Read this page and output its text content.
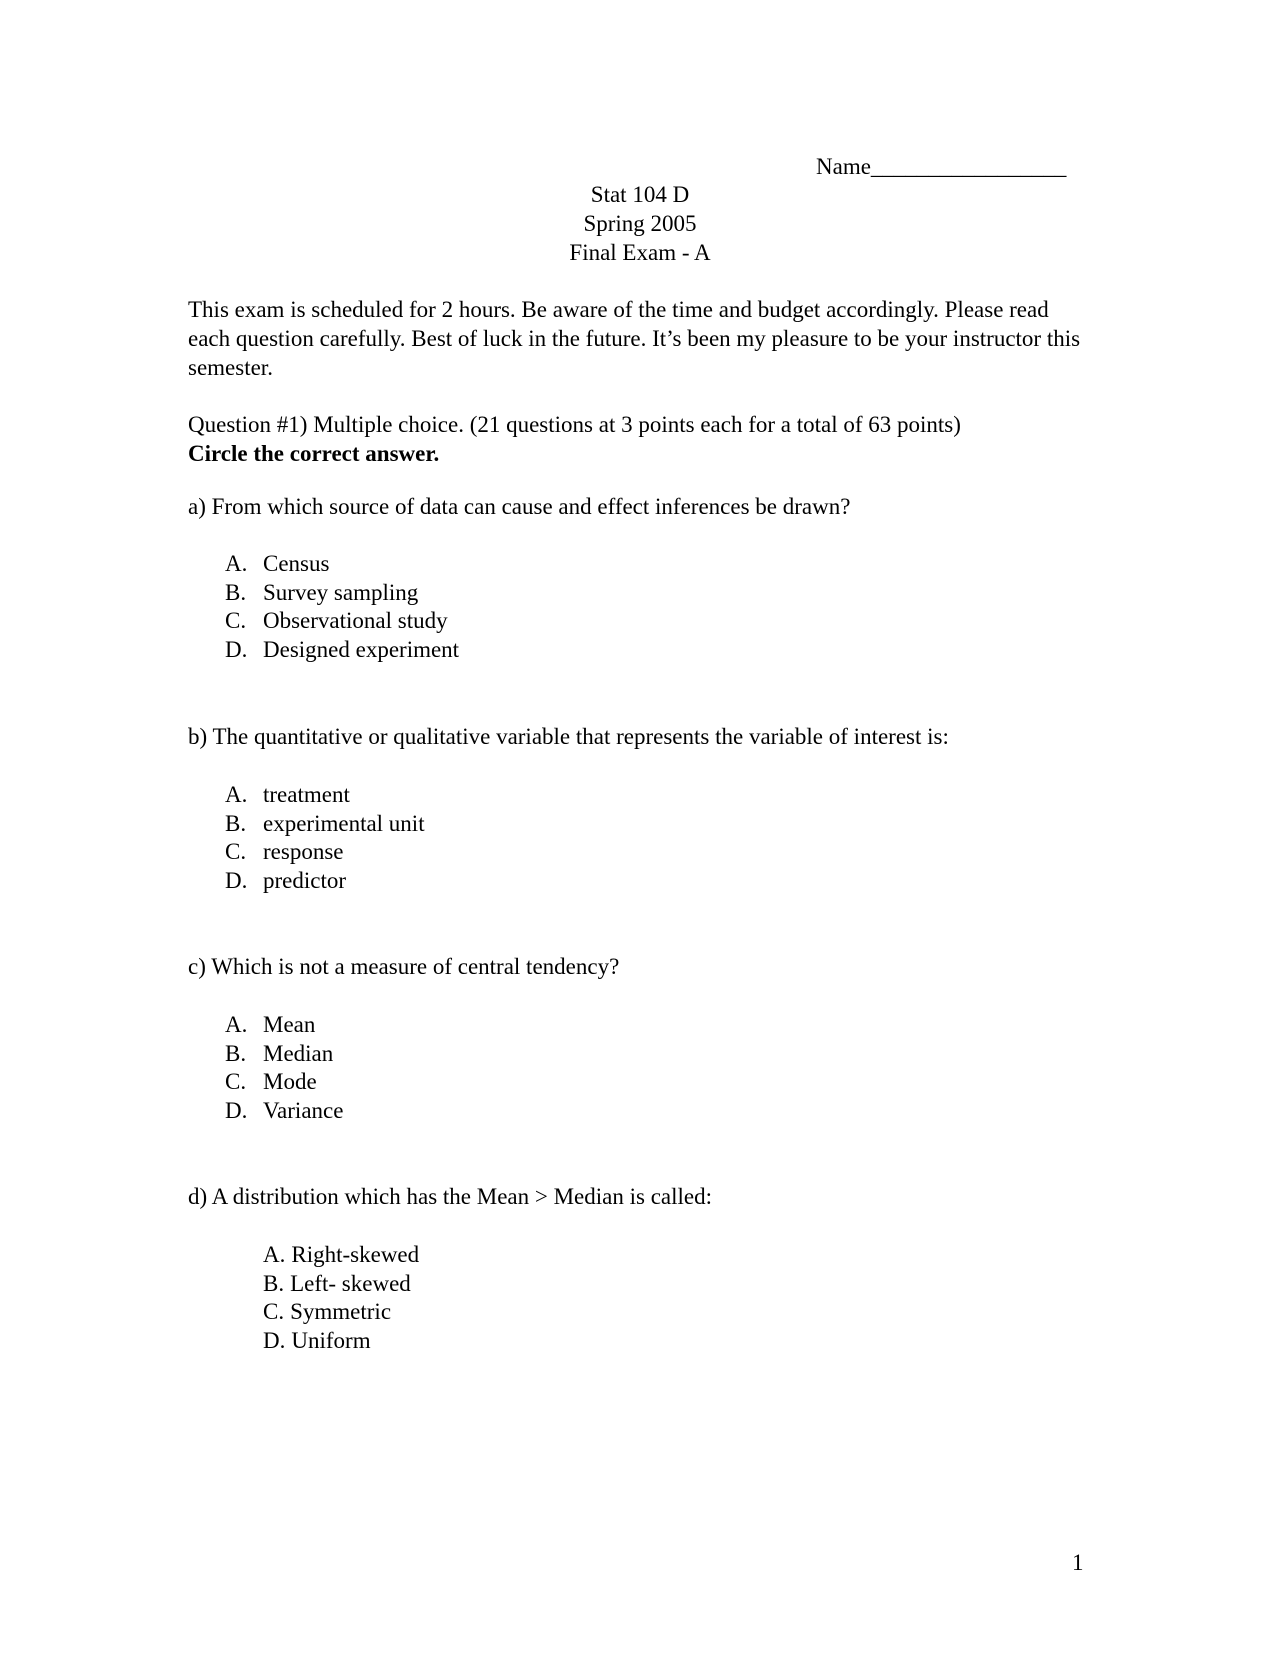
Name_________________
Stat 104 D
Spring 2005
Final Exam - A
This exam is scheduled for 2 hours. Be aware of the time and budget accordingly. Please read each question carefully. Best of luck in the future. It’s been my pleasure to be your instructor this semester.
Question #1) Multiple choice. (21 questions at 3 points each for a total of 63 points)
Circle the correct answer.
a) From which source of data can cause and effect inferences be drawn?
A. Census
B. Survey sampling
C. Observational study
D. Designed experiment
b) The quantitative or qualitative variable that represents the variable of interest is:
A. treatment
B. experimental unit
C. response
D. predictor
c) Which is not a measure of central tendency?
A. Mean
B. Median
C. Mode
D. Variance
d) A distribution which has the Mean > Median is called:
A. Right-skewed
B. Left- skewed
C. Symmetric
D. Uniform
1
